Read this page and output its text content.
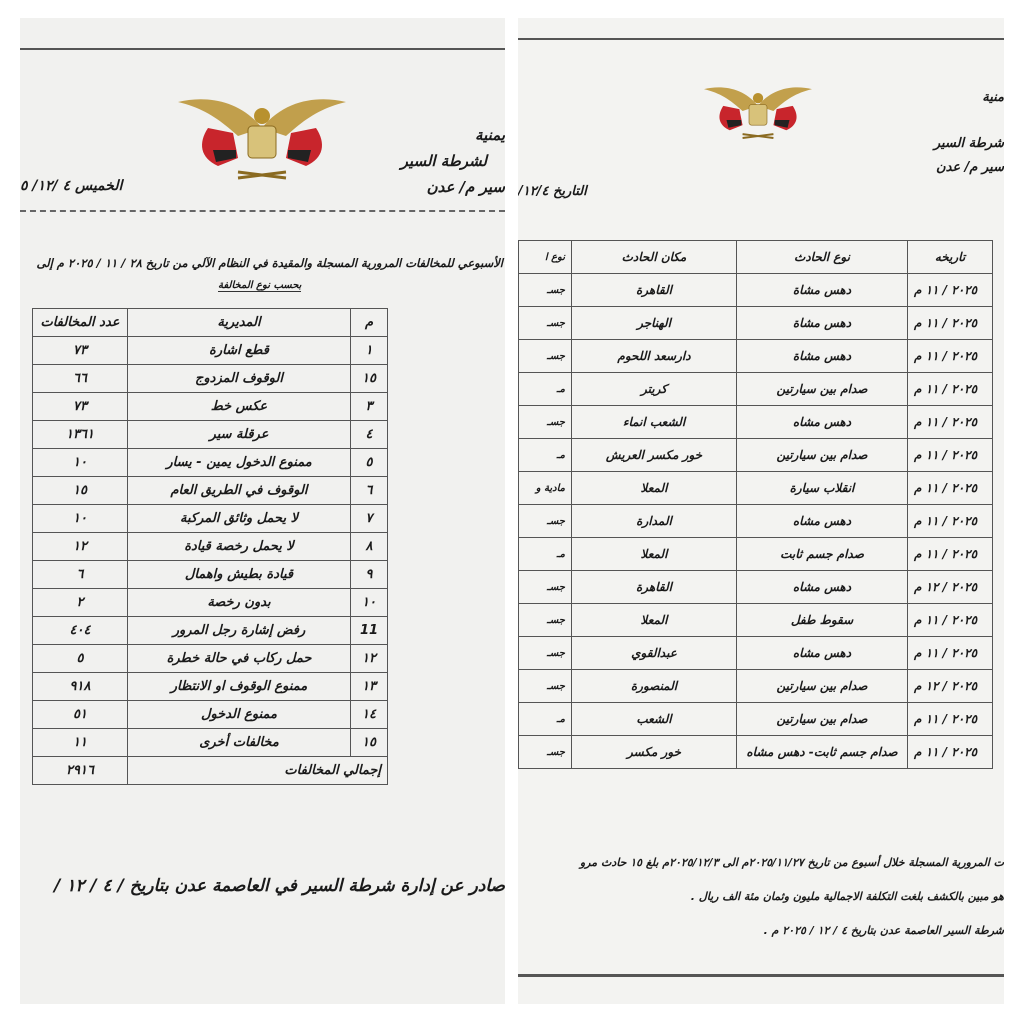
يمنية
لشرطة السير
سير م/ عدن
الخميس ٤ /١٢/ ٥
الأسبوعي للمخالفات المرورية المسجلة والمقيدة في النظام الآلي من تاريخ ٢٨ / ١١ / ٢٠٢٥ م إلى
بحسب نوع المخالفة
م	المديرية	عدد المخالفات
١	قطع اشارة	٧٣
١٥	الوقوف المزدوج	٦٦
٣	عكس خط	٧٣
٤	عرقلة سير	١٣٦١
٥	ممنوع الدخول يمين - يسار	١٠
٦	الوقوف في الطريق العام	١٥
٧	لا يحمل وثائق المركبة	١٠
٨	لا يحمل رخصة قيادة	١٢
٩	قيادة بطيش واهمال	٦
١٠	بدون رخصة	٢
11	رفض إشارة رجل المرور	٤٠٤
١٢	حمل ركاب في حالة خطرة	٥
١٣	ممنوع الوقوف او الانتظار	٩١٨
١٤	ممنوع الدخول	٥١
١٥	مخالفات أخرى	١١
إجمالي المخالفات		٢٩١٦
صادر عن إدارة شرطة السير في العاصمة عدن بتاريخ / ٤ / ١٢ /
منية
شرطة السير
سير م/ عدن
التاريخ ١٢/٤/
تاريخه	نوع الحادث	مكان الحادث	نوع ا
٢٠٢٥ / ١١ م	دهس مشاة	القاهرة	جسـ
٢٠٢٥ / ١١ م	دهس مشاة	الهناجر	جسـ
٢٠٢٥ / ١١ م	دهس مشاة	دارسعد اللحوم	جسـ
٢٠٢٥ / ١١ م	صدام بين سيارتين	كريتر	مـ
٢٠٢٥ / ١١ م	دهس مشاه	الشعب انماء	جسـ
٢٠٢٥ / ١١ م	صدام بين سيارتين	خور مكسر العريش	مـ
٢٠٢٥ / ١١ م	انقلاب سيارة	المعلا	مادية و
٢٠٢٥ / ١١ م	دهس مشاه	المدارة	جسـ
٢٠٢٥ / ١١ م	صدام جسم ثابت	المعلا	مـ
٢٠٢٥ / ١٢ م	دهس مشاه	القاهرة	جسـ
٢٠٢٥ / ١١ م	سقوط طفل	المعلا	جسـ
٢٠٢٥ / ١١ م	دهس مشاه	عبدالقوي	جسـ
٢٠٢٥ / ١٢ م	صدام بين سيارتين	المنصورة	جسـ
٢٠٢٥ / ١١ م	صدام بين سيارتين	الشعب	مـ
٢٠٢٥ / ١١ م	صدام جسم ثابت- دهس مشاه	خور مكسر	جسـ
ت المرورية المسجلة خلال أسبوع من تاريخ ٢٠٢٥/١١/٢٧م الى ٢٠٢٥/١٢/٣م بلغ ١٥ حادث مرو
هو مبين بالكشف بلغت التكلفة الاجمالية مليون وثمان مئة الف ريال .
شرطة السير العاصمة عدن بتاريخ ٤ / ١٢ / ٢٠٢٥ م .
